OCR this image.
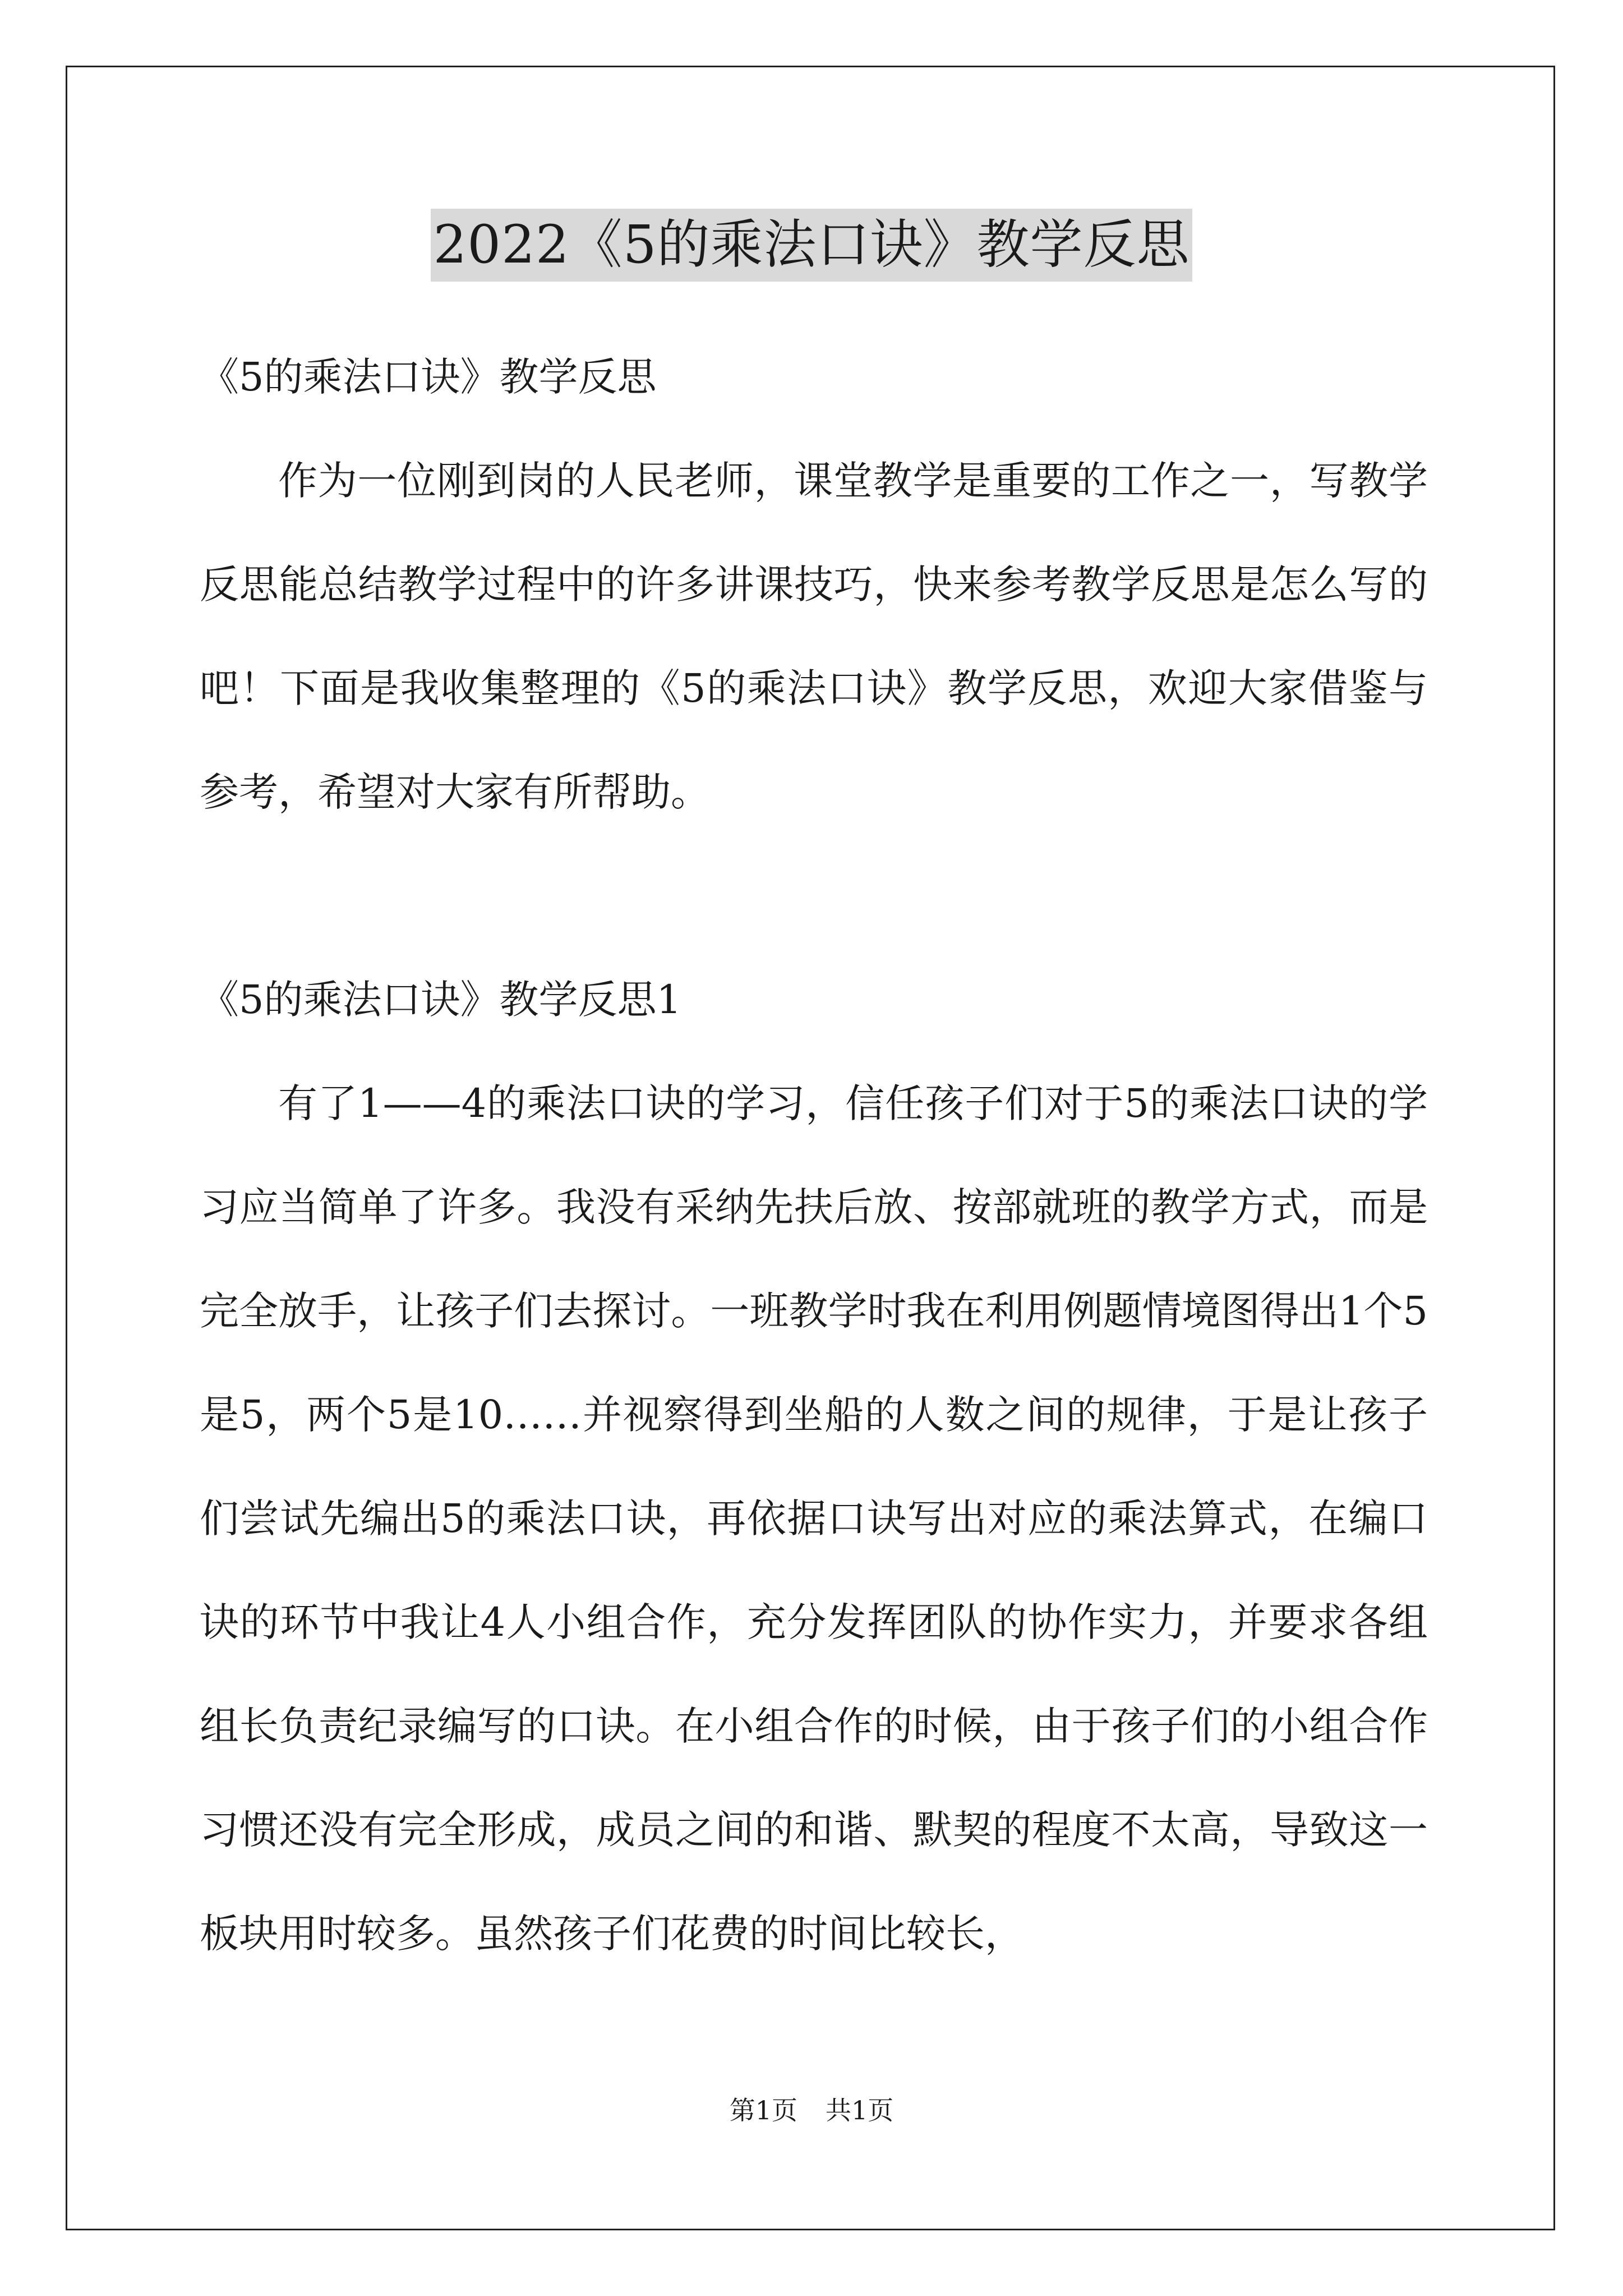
2022《5的乘法口诀》教学反思
《5的乘法口诀》教学反思

作为一位刚到岗的人民老师，课堂教学是重要的工作之一，写教学反思能总结教学过程中的许多讲课技巧，快来参考教学反思是怎么写的吧！下面是我收集整理的《5的乘法口诀》教学反思，欢迎大家借鉴与参考，希望对大家有所帮助。

《5的乘法口诀》教学反思1

有了1——4的乘法口诀的学习，信任孩子们对于5的乘法口诀的学习应当简单了许多。我没有采纳先扶后放、按部就班的教学方式，而是完全放手，让孩子们去探讨。一班教学时我在利用例题情境图得出1个5是5，两个5是10……并视察得到坐船的人数之间的规律，于是让孩子们尝试先编出5的乘法口诀，再依据口诀写出对应的乘法算式，在编口诀的环节中我让4人小组合作，充分发挥团队的协作实力，并要求各组组长负责纪录编写的口诀。在小组合作的时候，由于孩子们的小组合作习惯还没有完全形成，成员之间的和谐、默契的程度不太高，导致这一板块用时较多。虽然孩子们花费的时间比较长，

第1页 共1页
